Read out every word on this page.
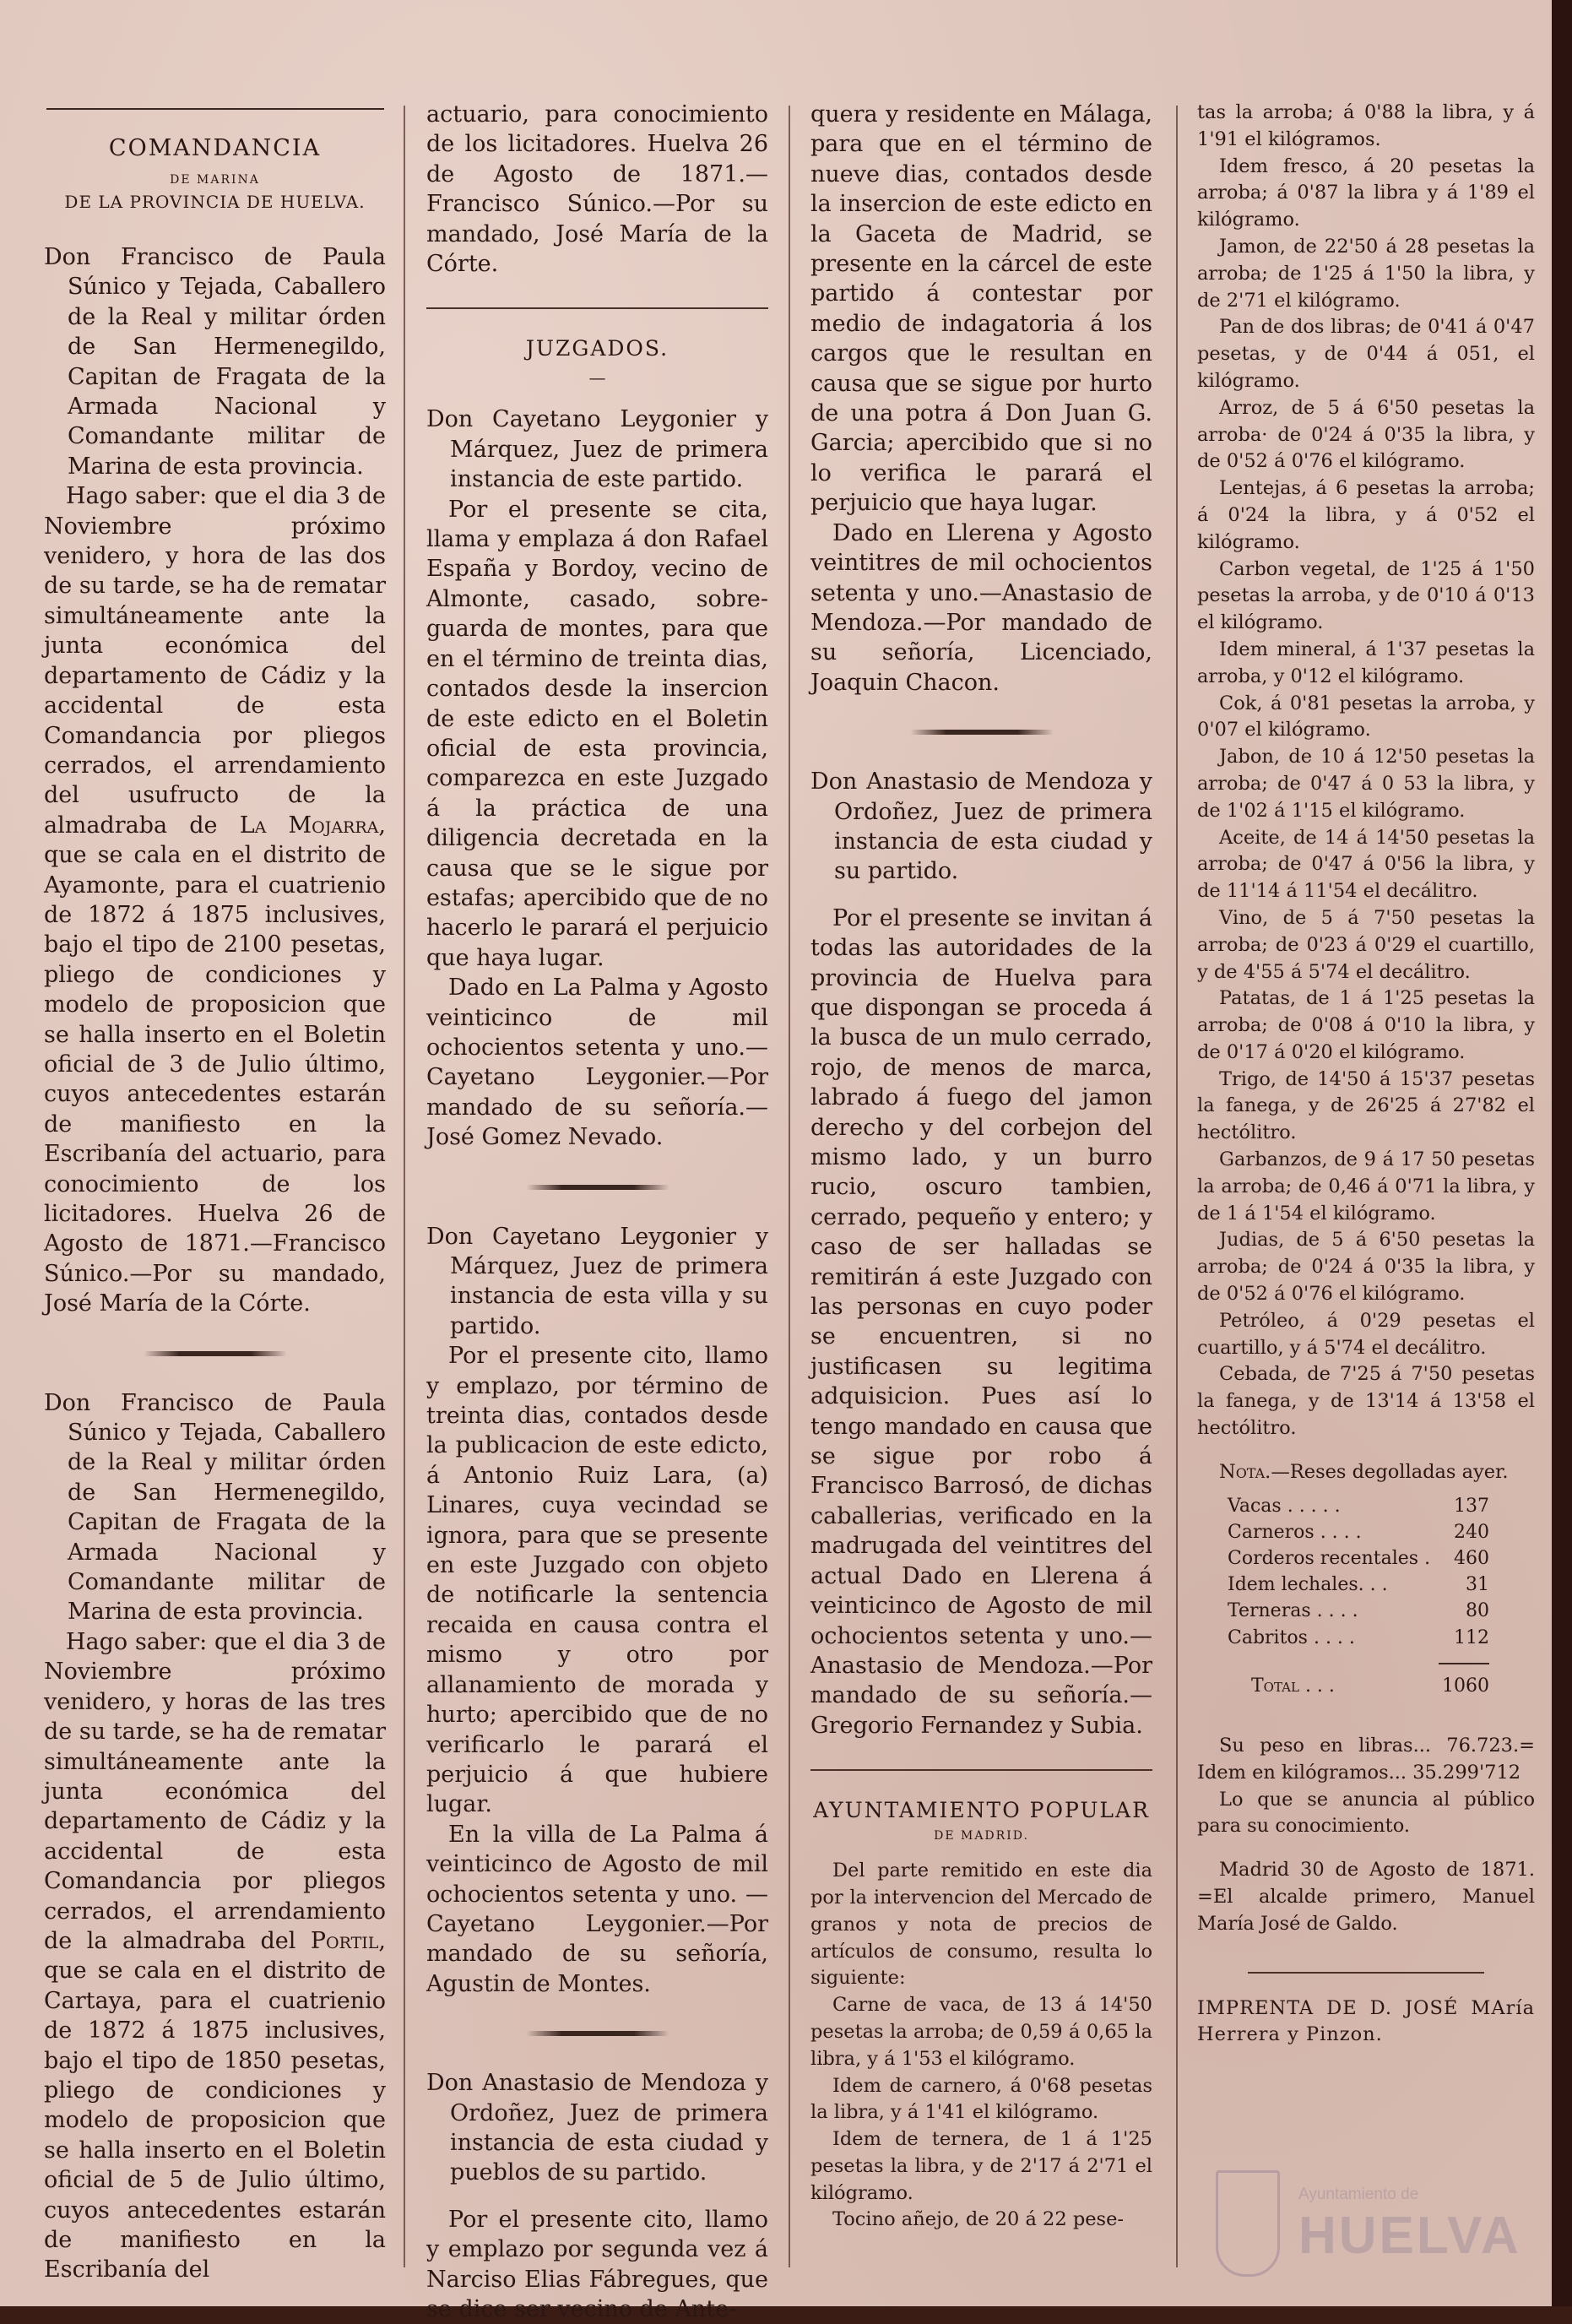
COMANDANCIA
DE MARINA
DE LA PROVINCIA DE HUELVA.

Don Francisco de Paula Súnico y Tejada, Caballero de la Real y militar órden de San Hermenegildo, Capitan de Fragata de la Armada Nacional y Comandante militar de Marina de esta provincia.

Hago saber: que el dia 3 de Noviembre próximo venidero, y hora de las dos de su tarde, se ha de rematar simultáneamente ante la junta económica del departamento de Cádiz y la accidental de esta Comandancia por pliegos cerrados, el arrendamiento del usufructo de la almadraba de La Mojarra, que se cala en el distrito de Ayamonte, para el cuatrienio de 1872 á 1875 inclusives, bajo el tipo de 2100 pesetas, pliego de condiciones y modelo de proposicion que se halla inserto en el Boletin oficial de 3 de Julio último, cuyos antecedentes estarán de manifiesto en la Escribanía del actuario, para conocimiento de los licitadores. Huelva 26 de Agosto de 1871.—Francisco Súnico.—Por su mandado, José María de la Córte.

Don Francisco de Paula Súnico y Tejada, Caballero de la Real y militar órden de San Hermenegildo, Capitan de Fragata de la Armada Nacional y Comandante militar de Marina de esta provincia.

Hago saber: que el dia 3 de Noviembre próximo venidero, y horas de las tres de su tarde, se ha de rematar simultáneamente ante la junta económica del departamento de Cádiz y la accidental de esta Comandancia por pliegos cerrados, el arrendamiento de la almadraba del Portil, que se cala en el distrito de Cartaya, para el cuatrienio de 1872 á 1875 inclusives, bajo el tipo de 1850 pesetas, pliego de condiciones y modelo de proposicion que se halla inserto en el Boletin oficial de 5 de Julio último, cuyos antecedentes estarán de manifiesto en la Escribanía del

actuario, para conocimiento de los licitadores. Huelva 26 de Agosto de 1871.—Francisco Súnico.—Por su mandado, José María de la Córte.

JUZGADOS.
—

Don Cayetano Leygonier y Márquez, Juez de primera instancia de este partido.

Por el presente se cita, llama y emplaza á don Rafael España y Bordoy, vecino de Almonte, casado, sobre-guarda de montes, para que en el término de treinta dias, contados desde la insercion de este edicto en el Boletin oficial de esta provincia, comparezca en este Juzgado á la práctica de una diligencia decretada en la causa que se le sigue por estafas; apercibido que de no hacerlo le parará el perjuicio que haya lugar.

Dado en La Palma y Agosto veinticinco de mil ochocientos setenta y uno.—Cayetano Leygonier.—Por mandado de su señoría.—José Gomez Nevado.

Don Cayetano Leygonier y Márquez, Juez de primera instancia de esta villa y su partido.

Por el presente cito, llamo y emplazo, por término de treinta dias, contados desde la publicacion de este edicto, á Antonio Ruiz Lara, (a) Linares, cuya vecindad se ignora, para que se presente en este Juzgado con objeto de notificarle la sentencia recaida en causa contra el mismo y otro por allanamiento de morada y hurto; apercibido que de no verificarlo le parará el perjuicio á que hubiere lugar.

En la villa de La Palma á veinticinco de Agosto de mil ochocientos setenta y uno. —Cayetano Leygonier.—Por mandado de su señoría, Agustin de Montes.

Don Anastasio de Mendoza y Ordoñez, Juez de primera instancia de esta ciudad y pueblos de su partido.

Por el presente cito, llamo y emplazo por segunda vez á Narciso Elias Fábregues, que se dice ser vecino de Ante-

quera y residente en Málaga, para que en el término de nueve dias, contados desde la insercion de este edicto en la Gaceta de Madrid, se presente en la cárcel de este partido á contestar por medio de indagatoria á los cargos que le resultan en causa que se sigue por hurto de una potra á Don Juan G. Garcia; apercibido que si no lo verifica le parará el perjuicio que haya lugar.

Dado en Llerena y Agosto veintitres de mil ochocientos setenta y uno.—Anastasio de Mendoza.—Por mandado de su señoría, Licenciado, Joaquin Chacon.

Don Anastasio de Mendoza y Ordoñez, Juez de primera instancia de esta ciudad y su partido.

Por el presente se invitan á todas las autoridades de la provincia de Huelva para que dispongan se proceda á la busca de un mulo cerrado, rojo, de menos de marca, labrado á fuego del jamon derecho y del corbejon del mismo lado, y un burro rucio, oscuro tambien, cerrado, pequeño y entero; y caso de ser halladas se remitirán á este Juzgado con las personas en cuyo poder se encuentren, si no justificasen su legitima adquisicion. Pues así lo tengo mandado en causa que se sigue por robo á Francisco Barrosó, de dichas caballerias, verificado en la madrugada del veintitres del actual Dado en Llerena á veinticinco de Agosto de mil ochocientos setenta y uno.— Anastasio de Mendoza.—Por mandado de su señoría.— Gregorio Fernandez y Subia.

AYUNTAMIENTO POPULAR
DE MADRID.

Del parte remitido en este dia por la intervencion del Mercado de granos y nota de precios de artículos de consumo, resulta lo siguiente:

Carne de vaca, de 13 á 14'50 pesetas la arroba; de 0,59 á 0,65 la libra, y á 1'53 el kilógramo.

Idem de carnero, á 0'68 pesetas la libra, y á 1'41 el kilógramo.

Idem de ternera, de 1 á 1'25 pesetas la libra, y de 2'17 á 2'71 el kilógramo.

Tocino añejo, de 20 á 22 pese-

tas la arroba; á 0'88 la libra, y á 1'91 el kilógramos.

Idem fresco, á 20 pesetas la arroba; á 0'87 la libra y á 1'89 el kilógramo.

Jamon, de 22'50 á 28 pesetas la arroba; de 1'25 á 1'50 la libra, y de 2'71 el kilógramo.

Pan de dos libras; de 0'41 á 0'47 pesetas, y de 0'44 á 051, el kilógramo.

Arroz, de 5 á 6'50 pesetas la arroba· de 0'24 á 0'35 la libra, y de 0'52 á 0'76 el kilógramo.

Lentejas, á 6 pesetas la arroba; á 0'24 la libra, y á 0'52 el kilógramo.

Carbon vegetal, de 1'25 á 1'50 pesetas la arroba, y de 0'10 á 0'13 el kilógramo.

Idem mineral, á 1'37 pesetas la arroba, y 0'12 el kilógramo.

Cok, á 0'81 pesetas la arroba, y 0'07 el kilógramo.

Jabon, de 10 á 12'50 pesetas la arroba; de 0'47 á 0 53 la libra, y de 1'02 á 1'15 el kilógramo.

Aceite, de 14 á 14'50 pesetas la arroba; de 0'47 á 0'56 la libra, y de 11'14 á 11'54 el decálitro.

Vino, de 5 á 7'50 pesetas la arroba; de 0'23 á 0'29 el cuartillo, y de 4'55 á 5'74 el decálitro.

Patatas, de 1 á 1'25 pesetas la arroba; de 0'08 á 0'10 la libra, y de 0'17 á 0'20 el kilógramo.

Trigo, de 14'50 á 15'37 pesetas la fanega, y de 26'25 á 27'82 el hectólitro.

Garbanzos, de 9 á 17 50 pesetas la arroba; de 0,46 á 0'71 la libra, y de 1 á 1'54 el kilógramo.

Judias, de 5 á 6'50 pesetas la arroba; de 0'24 á 0'35 la libra, y de 0'52 á 0'76 el kilógramo.

Petróleo, á 0'29 pesetas el cuartillo, y á 5'74 el decálitro.

Cebada, de 7'25 á 7'50 pesetas la fanega, y de 13'14 á 13'58 el hectólitro.

Nota.—Reses degolladas ayer.

Vacas . . . . .	137
Carneros . . . .	240
Corderos recentales . 460
Idem lechales. . .	31
Terneras . . . .	80
Cabritos . . . .	112
Total . . .	1060

Su peso en libras... 76.723.= Idem en kilógramos... 35.299'712

Lo que se anuncia al público para su conocimiento.

Madrid 30 de Agosto de 1871. =El alcalde primero, Manuel María José de Galdo.

IMPRENTA DE D. JOSÉ MAría Herrera y Pinzon.

Ayuntamiento de
HUELVA
